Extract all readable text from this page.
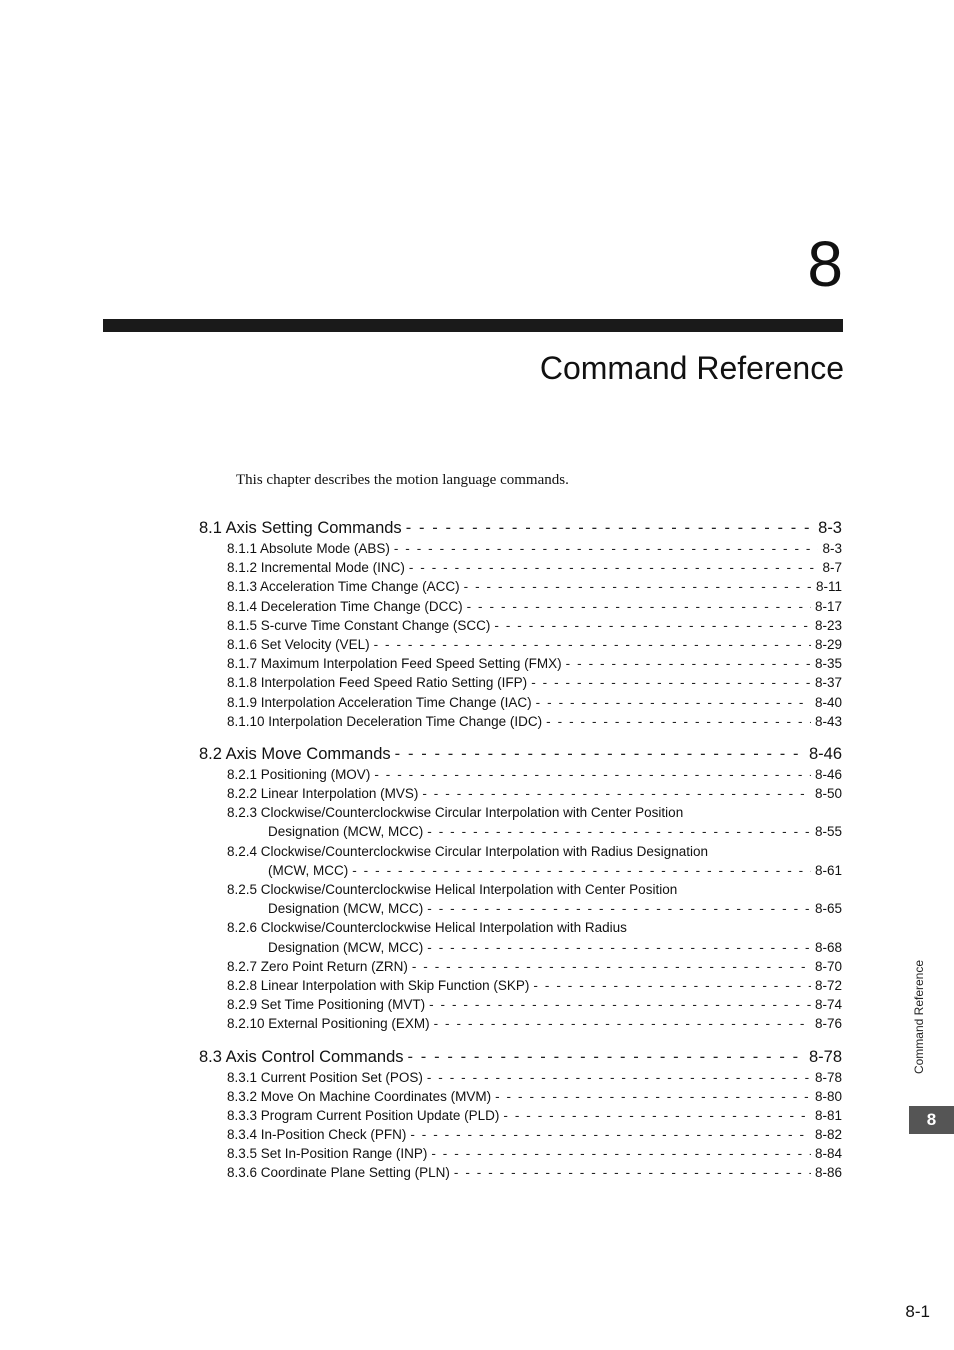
8
Command Reference
This chapter describes the motion language commands.
8.1 Axis Setting Commands - - -	8-3
8.1.1 Absolute Mode (ABS) - - -	8-3
8.1.2 Incremental Mode (INC) - - -	8-7
8.1.3 Acceleration Time Change (ACC) - - -	8-11
8.1.4 Deceleration Time Change (DCC) - - -	8-17
8.1.5 S-curve Time Constant Change (SCC) - - -	8-23
8.1.6 Set Velocity (VEL) - - -	8-29
8.1.7 Maximum Interpolation Feed Speed Setting (FMX) - - -	8-35
8.1.8 Interpolation Feed Speed Ratio Setting (IFP) - - -	8-37
8.1.9 Interpolation Acceleration Time Change (IAC) - - -	8-40
8.1.10 Interpolation Deceleration Time Change (IDC) - - -	8-43
8.2 Axis Move Commands - - -	8-46
8.2.1 Positioning (MOV) - - -	8-46
8.2.2 Linear Interpolation (MVS) - - -	8-50
8.2.3 Clockwise/Counterclockwise Circular Interpolation with Center Position
Designation (MCW, MCC) - - -	8-55
8.2.4 Clockwise/Counterclockwise Circular Interpolation with Radius Designation
(MCW, MCC) - - -	8-61
8.2.5 Clockwise/Counterclockwise Helical Interpolation with Center Position
Designation (MCW, MCC) - - -	8-65
8.2.6 Clockwise/Counterclockwise Helical Interpolation with Radius
Designation (MCW, MCC) - - -	8-68
8.2.7 Zero Point Return (ZRN) - - -	8-70
8.2.8 Linear Interpolation with Skip Function (SKP) - - -	8-72
8.2.9 Set Time Positioning (MVT) - - -	8-74
8.2.10 External Positioning (EXM) - - -	8-76
8.3 Axis Control Commands - - -	8-78
8.3.1 Current Position Set (POS) - - -	8-78
8.3.2 Move On Machine Coordinates (MVM) - - -	8-80
8.3.3 Program Current Position Update (PLD) - - -	8-81
8.3.4 In-Position Check (PFN) - - -	8-82
8.3.5 Set In-Position Range (INP) - - -	8-84
8.3.6 Coordinate Plane Setting (PLN) - - -	8-86
Command Reference
8
8-1
